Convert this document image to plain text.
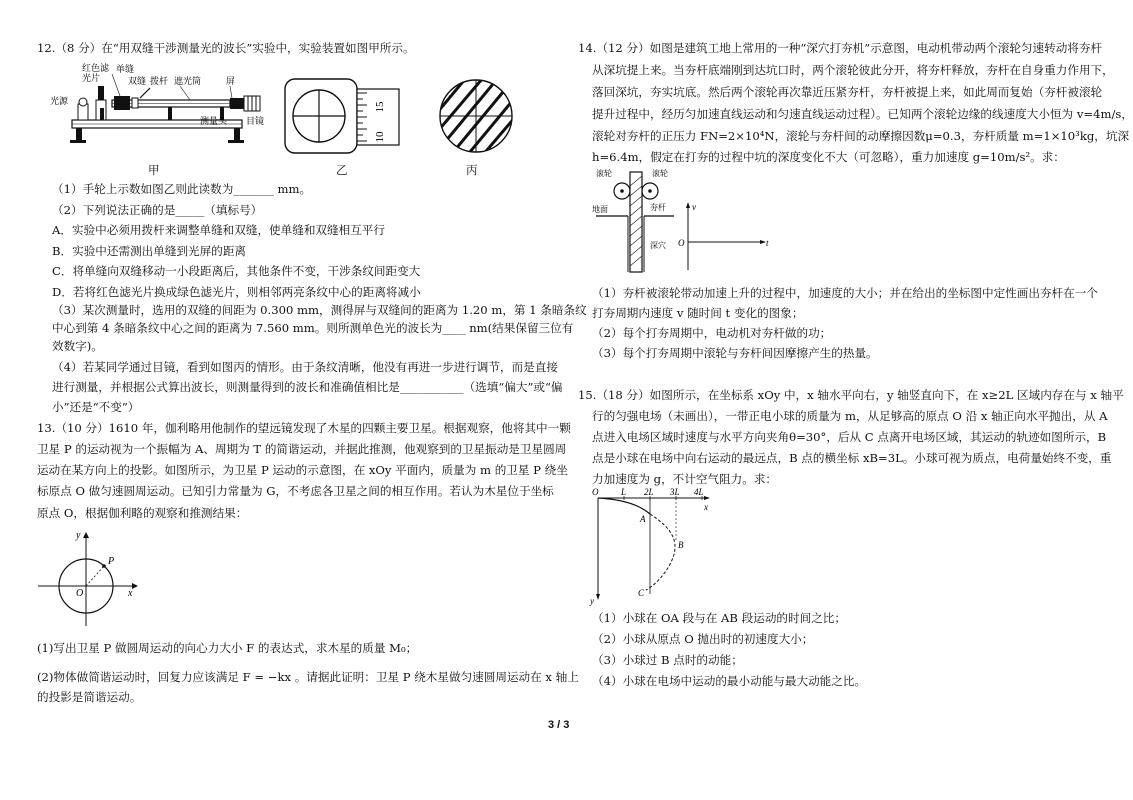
12.（8 分）在“用双缝干涉测量光的波长”实验中，实验装置如图甲所示。
光源
红色滤
光片
单缝
双缝 拨杆 遮光筒	屏
测量头 目镜
15
10
甲	乙	丙
（1）手轮上示数如图乙则此读数为_______ mm。
（2）下列说法正确的是_____（填标号）
A．实验中必须用拨杆来调整单缝和双缝，使单缝和双缝相互平行
B．实验中还需测出单缝到光屏的距离
C．将单缝向双缝移动一小段距离后，其他条件不变，干涉条纹间距变大
D．若将红色滤光片换成绿色滤光片，则相邻两亮条纹中心的距离将减小
（3）某次测量时，选用的双缝的间距为 0.300 mm，测得屏与双缝间的距离为 1.20 m，第 1 条暗条纹
中心到第 4 条暗条纹中心之间的距离为 7.560 mm。则所测单色光的波长为____ nm(结果保留三位有
效数字)。
（4）若某同学通过目镜，看到如图丙的情形。由于条纹清晰，他没有再进一步进行调节，而是直接
进行测量，并根据公式算出波长，则测量得到的波长和准确值相比是___________（选填“偏大”或“偏
小”还是“不变”）
13.（10 分）1610 年，伽利略用他制作的望远镜发现了木星的四颗主要卫星。根据观察，他将其中一颗
卫星 P 的运动视为一个振幅为 A、周期为 T 的简谐运动，并据此推测，他观察到的卫星振动是卫星圆周
运动在某方向上的投影。如图所示，为卫星 P 运动的示意图，在 xOy 平面内，质量为 m 的卫星 P 绕坐
标原点 O 做匀速圆周运动。已知引力常量为 G，不考虑各卫星之间的相互作用。若认为木星位于坐标
原点 O，根据伽利略的观察和推测结果：
y
x
O
P
(1)写出卫星 P 做圆周运动的向心力大小 F 的表达式，求木星的质量 M₀；
(2)物体做简谐运动时，回复力应该满足 F = −kx 。请据此证明：卫星 P 绕木星做匀速圆周运动在 x 轴上
的投影是简谐运动。
14.（12 分）如图是建筑工地上常用的一种“深穴打夯机”示意图，电动机带动两个滚轮匀速转动将夯杆
从深坑提上来。当夯杆底端刚到达坑口时，两个滚轮彼此分开，将夯杆释放，夯杆在自身重力作用下，
落回深坑，夯实坑底。然后两个滚轮再次靠近压紧夯杆，夯杆被提上来，如此周而复始（夯杆被滚轮
提升过程中，经历匀加速直线运动和匀速直线运动过程）。已知两个滚轮边缘的线速度大小恒为 v=4m/s，
滚轮对夯杆的正压力 FN=2×10⁴N，滚轮与夯杆间的动摩擦因数μ=0.3，夯杆质量 m=1×10³kg，坑深
h=6.4m，假定在打夯的过程中坑的深度变化不大（可忽略），重力加速度 g=10m/s²。求：
滚轮	滚轮
地面	夯杆
深穴
v
O	t
（1）夯杆被滚轮带动加速上升的过程中，加速度的大小；并在给出的坐标图中定性画出夯杆在一个
打夯周期内速度 v 随时间 t 变化的图象；
（2）每个打夯周期中，电动机对夯杆做的功；
（3）每个打夯周期中滚轮与夯杆间因摩擦产生的热量。
15.（18 分）如图所示，在坐标系 xOy 中，x 轴水平向右，y 轴竖直向下，在 x≥2L 区域内存在与 x 轴平
行的匀强电场（未画出），一带正电小球的质量为 m，从足够高的原点 O 沿 x 轴正向水平抛出，从 A
点进入电场区域时速度与水平方向夹角θ=30°，后从 C 点离开电场区域，其运动的轨迹如图所示，B
点是小球在电场中向右运动的最远点，B 点的横坐标 xB=3L。小球可视为质点，电荷量始终不变，重
力加速度为 g，不计空气阻力。求：
O	L 2L 3L 4L
x
y
A
B
C
（1）小球在 OA 段与在 AB 段运动的时间之比；
（2）小球从原点 O 抛出时的初速度大小；
（3）小球过 B 点时的动能；
（4）小球在电场中运动的最小动能与最大动能之比。
3 / 3
